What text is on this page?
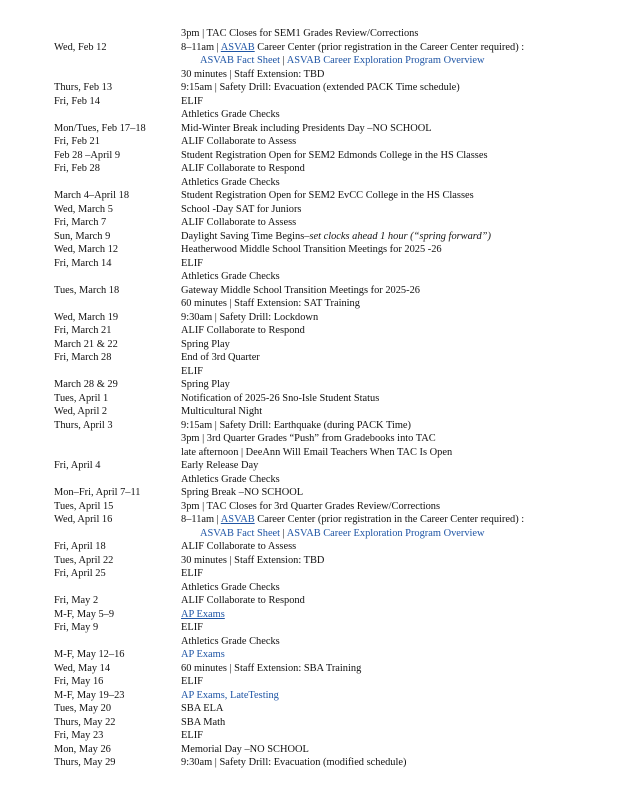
3pm | TAC Closes for SEM1 Grades Review/Corrections
Wed, Feb 12	8–11am | ASVAB Career Center (prior registration in the Career Center required) :
ASVAB Fact Sheet | ASVAB Career Exploration Program Overview
30 minutes | Staff Extension: TBD
Thurs, Feb 13	9:15am | Safety Drill: Evacuation (extended PACK Time schedule)
Fri, Feb 14	ELIF
Athletics Grade Checks
Mon/Tues, Feb 17–18	Mid-Winter Break including Presidents Day –NO SCHOOL
Fri, Feb 21	ALIF Collaborate to Assess
Feb 28 –April 9	Student Registration Open for SEM2 Edmonds College in the HS Classes
Fri, Feb 28	ALIF Collaborate to Respond
Athletics Grade Checks
March 4–April 18	Student Registration Open for SEM2 EvCC College in the HS Classes
Wed, March 5	School -Day SAT for Juniors
Fri, March 7	ALIF Collaborate to Assess
Sun, March 9	Daylight Saving Time Begins–set clocks ahead 1 hour (“spring forward”)
Wed, March 12	Heatherwood Middle School Transition Meetings for 2025 -26
Fri, March 14	ELIF
Athletics Grade Checks
Tues, March 18	Gateway Middle School Transition Meetings for 2025-26
60 minutes | Staff Extension: SAT Training
Wed, March 19	9:30am | Safety Drill: Lockdown
Fri, March 21	ALIF Collaborate to Respond
March 21 & 22	Spring Play
Fri, March 28	End of 3rd Quarter
ELIF
March 28 & 29	Spring Play
Tues, April 1	Notification of 2025-26 Sno-Isle Student Status
Wed, April 2	Multicultural Night
Thurs, April 3	9:15am | Safety Drill: Earthquake (during PACK Time)
3pm | 3rd Quarter Grades “Push” from Gradebooks into TAC
late afternoon | DeeAnn Will Email Teachers When TAC Is Open
Fri, April 4	Early Release Day
Athletics Grade Checks
Mon–Fri, April 7–11	Spring Break –NO SCHOOL
Tues, April 15	3pm | TAC Closes for 3rd Quarter Grades Review/Corrections
Wed, April 16	8–11am | ASVAB Career Center (prior registration in the Career Center required) :
ASVAB Fact Sheet | ASVAB Career Exploration Program Overview
Fri, April 18	ALIF Collaborate to Assess
Tues, April 22	30 minutes | Staff Extension: TBD
Fri, April 25	ELIF
Athletics Grade Checks
Fri, May 2	ALIF Collaborate to Respond
M-F, May 5–9	AP Exams
Fri, May 9	ELIF
Athletics Grade Checks
M-F, May 12–16	AP Exams
Wed, May 14	60 minutes | Staff Extension: SBA Training
Fri, May 16	ELIF
M-F, May 19–23	AP Exams, LateTesting
Tues, May 20	SBA ELA
Thurs, May 22	SBA Math
Fri, May 23	ELIF
Mon, May 26	Memorial Day –NO SCHOOL
Thurs, May 29	9:30am | Safety Drill: Evacuation (modified schedule)
